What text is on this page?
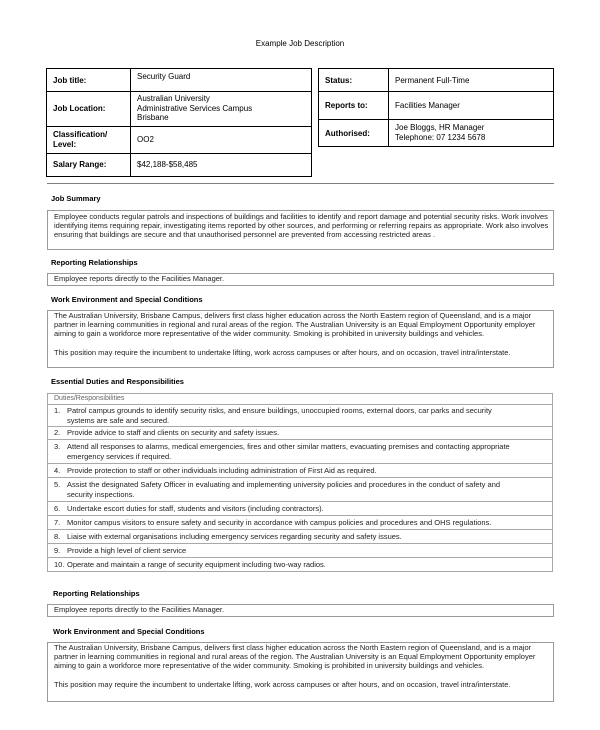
Example Job Description
Job title:	Security Guard
Job Location:	Australian University
Administrative Services Campus
Brisbane

Classification/
Level:	OO2
Salary Range:	$42,188-$58,485
Status:	Permanent Full-Time
Reports to:	Facilities Manager
Authorised:	Joe Bloggs, HR Manager
Telephone: 07 1234 5678
Job Summary

Employee conducts regular patrols and inspections of buildings and facilities to identify and report damage and potential security risks. Work involves identifying items requiring repair, investigating items reported by other sources, and performing or referring repairs as appropriate. Work also involves ensuring that buildings are secure and that unauthorised personnel are prevented from accessing restricted areas .

Reporting Relationships

Employee reports directly to the Facilities Manager.

Work Environment and Special Conditions

The Australian University, Brisbane Campus, delivers first class higher education across the North Eastern region of Queensland, and is a major partner in learning communities in regional and rural areas of the region. The Australian University is an Equal Employment Opportunity employer aiming to gain a workforce more representative of the wider community. Smoking is prohibited in university buildings and vehicles.

This position may require the incumbent to undertake lifting, work across campuses or after hours, and on occasion, travel intra/interstate.

Essential Duties and Responsibilities
Duties/Responsibilities
1. Patrol campus grounds to identify security risks, and ensure buildings, unoccupied rooms, external doors, car parks and security
systems are safe and secured.
2. Provide advice to staff and clients on security and safety issues.
3. Attend all responses to alarms, medical emergencies, fires and other similar matters, evacuating premises and contacting appropriate
emergency services if required.
4. Provide protection to staff or other individuals including administration of First Aid as required.
5. Assist the designated Safety Officer in evaluating and implementing university policies and procedures in the conduct of safety and
security inspections.
6. Undertake escort duties for staff, students and visitors (including contractors).
7. Monitor campus visitors to ensure safety and security in accordance with campus policies and procedures and OHS regulations.
8. Liaise with external organisations including emergency services regarding security and safety issues.
9. Provide a high level of client service
10. Operate and maintain a range of security equipment including two-way radios.
Reporting Relationships

Employee reports directly to the Facilities Manager.

Work Environment and Special Conditions

The Australian University, Brisbane Campus, delivers first class higher education across the North Eastern region of Queensland, and is a major partner in learning communities in regional and rural areas of the region. The Australian University is an Equal Employment Opportunity employer aiming to gain a workforce more representative of the wider community. Smoking is prohibited in university buildings and vehicles.

This position may require the incumbent to undertake lifting, work across campuses or after hours, and on occasion, travel intra/interstate.
